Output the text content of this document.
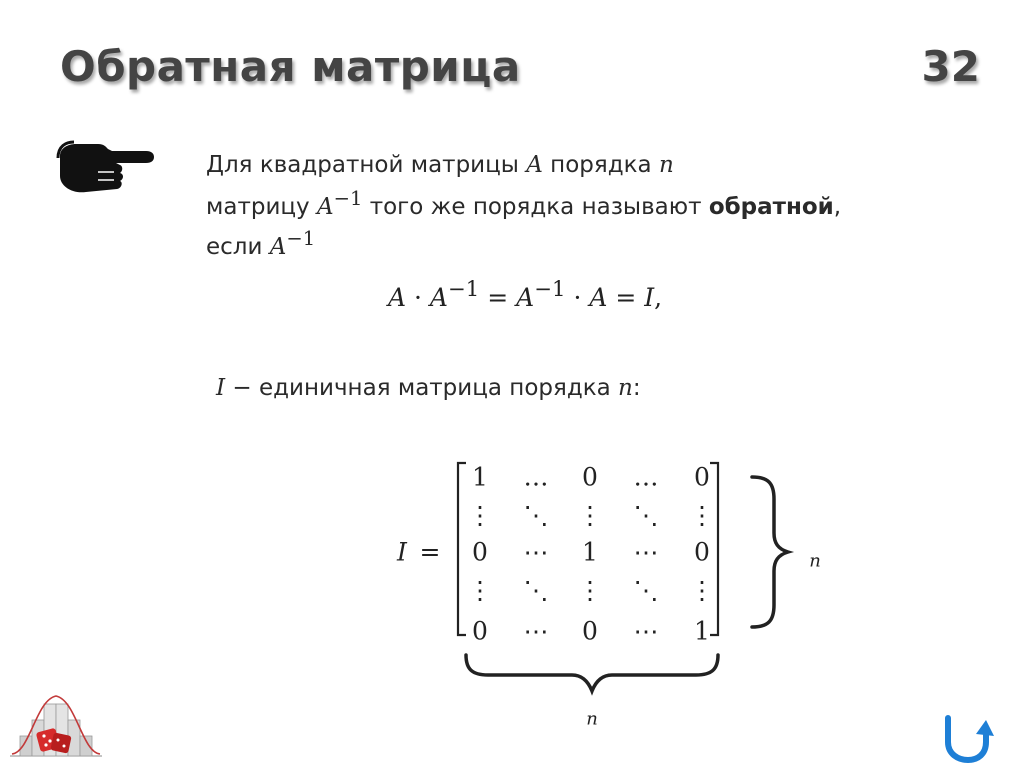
Обратная матрица	32
Для квадратной матрицы A порядка n
матрицу $A^{-1}$ того же порядка называют обратной,
если $A^{-1}$
$A \cdot A^{-1} = A^{-1} \cdot A = I$,
I − единичная матрица порядка n:
I =
1 … 0 … 0
⋮ ⋱ ⋮ ⋱ ⋮
0 ⋯ 1 ⋯ 0
⋮ ⋱ ⋮ ⋱ ⋮
0 ⋯ 0 ⋯ 1
n
n
